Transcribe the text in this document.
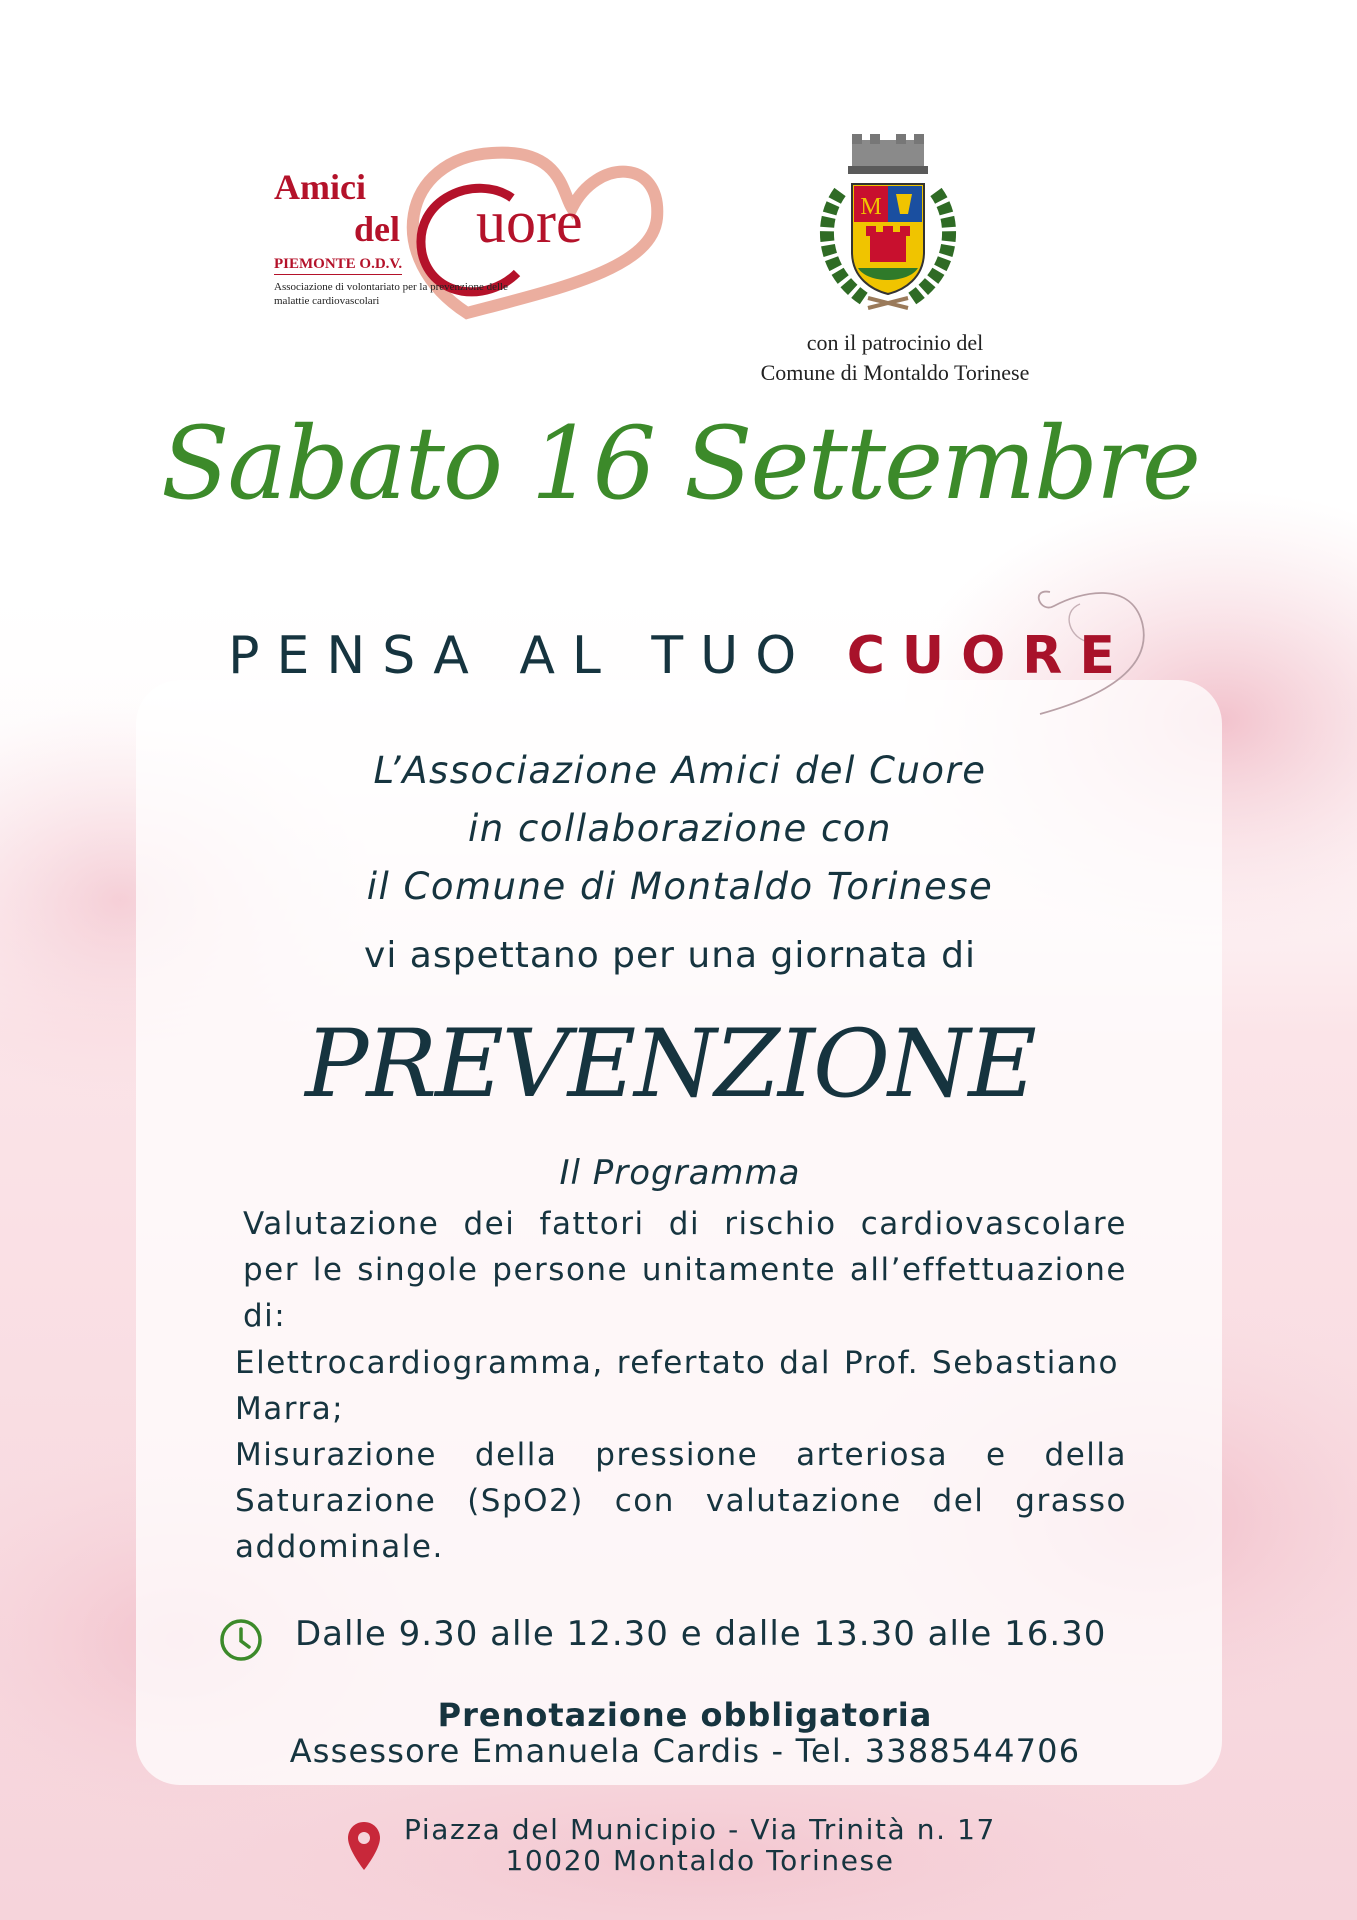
Amici
del uore
PIEMONTE O.D.V.
Associazione di volontariato per la prevenzione delle malattie cardiovascolari
M
con il patrocinio del
Comune di Montaldo Torinese
Sabato 16 Settembre
PENSA AL TUO CUORE
L’Associazione Amici del Cuore
in collaborazione con
il Comune di Montaldo Torinese
vi aspettano per una giornata di
PREVENZIONE
Il Programma
Valutazione dei fattori di rischio cardiovascolare per le singole persone unitamente all’effettuazione di:
Elettrocardiogramma, refertato dal Prof. Sebastiano Marra;
Misurazione della pressione arteriosa e della Saturazione (SpO2) con valutazione del grasso addominale.
Dalle 9.30 alle 12.30 e dalle 13.30 alle 16.30
Prenotazione obbligatoria
Assessore Emanuela Cardis - Tel. 3388544706
Piazza del Municipio - Via Trinità n. 17
10020 Montaldo Torinese
